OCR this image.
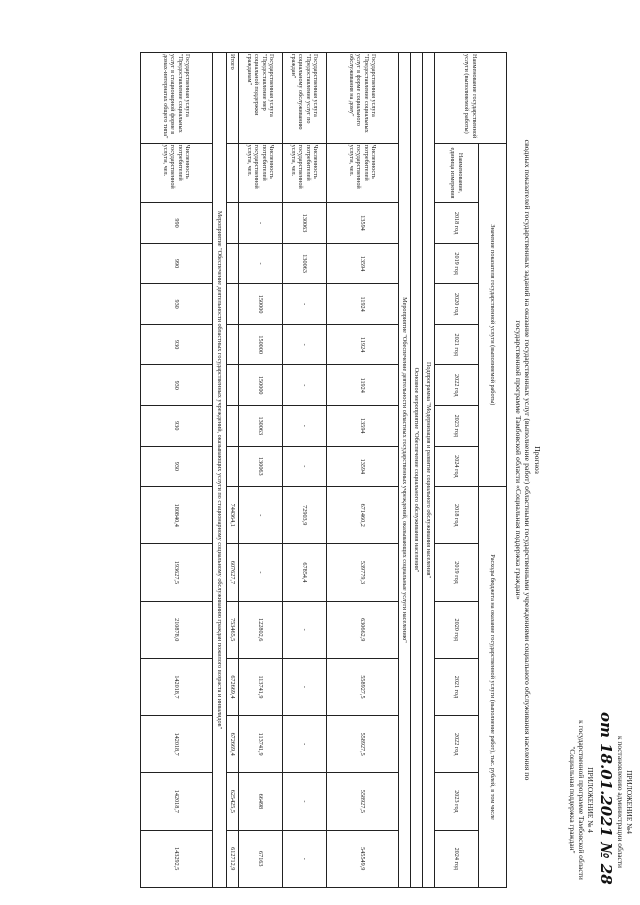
ПРИЛОЖЕНИЕ №4
к постановлению администрации области
от 18.01.2021 № 28
ПРИЛОЖЕНИЕ № 4
к государственной программе Тамбовской области
"Социальная поддержка граждан"
Прогноз
сводных показателей государственных заданий на оказание государственных услуг (выполнение работ) областными государственными учреждениями социального обслуживания населения по
государственной программе Тамбовской области «Социальная поддержка граждан»
Наименование государственной услуги (выполняемой работы)	Значение показателя государственной услуги (выполняемой работы)								Расходы бюджета на оказание государственной услуги (выполнение работ), тыс. рублей, в том числе						
	Наименование, единица измерения	2018 год	2019 год	2020 год	2021 год	2022 год	2023 год	2024 год	2018 год	2019 год	2020 год	2021 год	2022 год	2023 год	2024 год
Подпрограмма "Модернизация и развитие социального обслуживания населения"															
Основное мероприятие "Обеспечение социального обслуживания населения"															
Мероприятие "Обеспечение деятельности областных государственных учреждений, оказывающих социальные услуги населению"															
Государственная услуга "Предоставление социальных услуг в форме социального обслуживания на дому"	Численность потребителей государственной услуги, чел.	13594	13594	11924	11924	11924	13594	13594	671460,2	539779,3	630662,9	558927,5	558927,5	558927,5	545549,9
Государственная услуга "Предоставление услуг по социальному обслуживанию граждан"	Численность потребителей государственной услуги, чел.	130063	130063	-	-	-	-	-	72903,9	67854,4	-	-	-	-	-
Государственная услуга "Предоставление мер социальной поддержки гражданам"	Численность потребителей государственной услуги, чел.	-	-	150000	150000	150000	130063	130063	-	-	122802,6	113741,9	113741,9	66498	67163
Итого									744364,1	607627,7	753465,5	672669,4	672669,4	625425,5	612712,9
Мероприятие "Обеспечение деятельности областных государственных учреждений, оказывающих услуги по стационарному социальному обслуживанию граждан пожилого возраста и инвалидов"															
Государственная услуга "Предоставление социальных услуг в стационарной форме в домах-интернатах общего типа"	Численность потребителей государственной услуги, чел.	990	990	930	930	930	930	930	180840,4	193627,5	210878,0	142018,7	142018,7	142018,7	143292,5
